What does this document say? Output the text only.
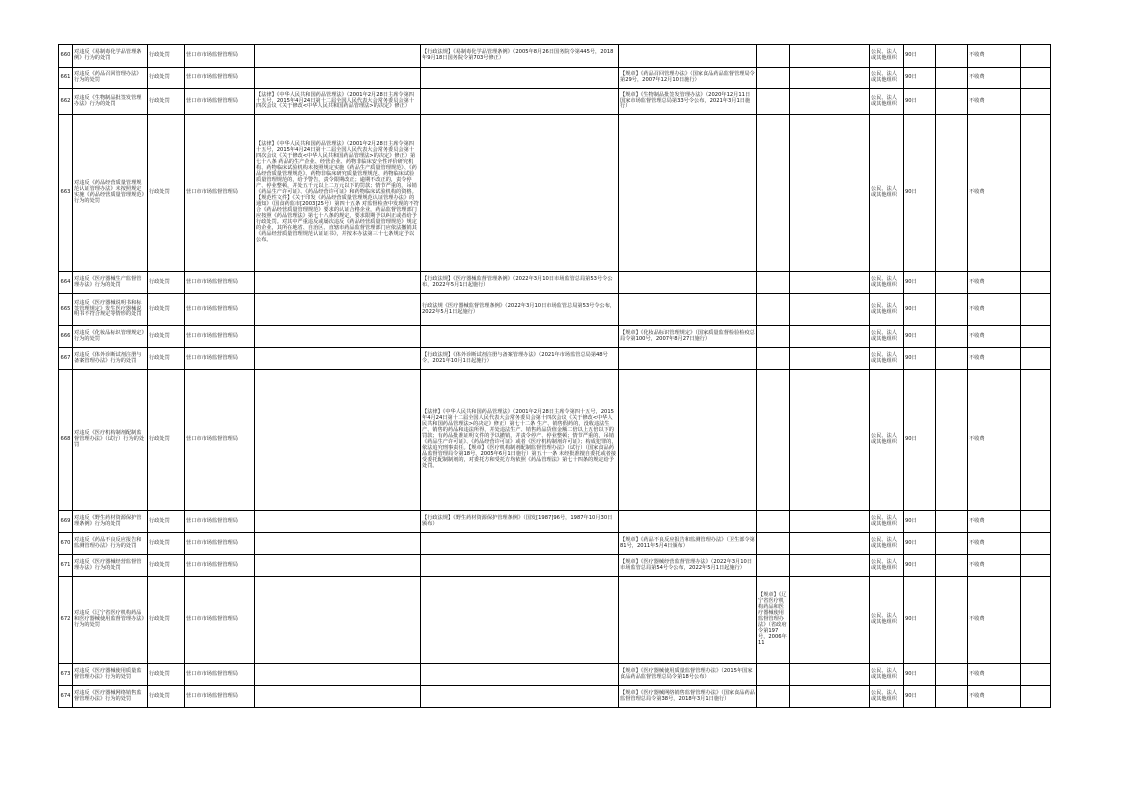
660	对违反《易制毒化学品管理条例》行为的处罚	行政处罚	营口市市场监督管理局		【行政法规】《易制毒化学品管理条例》（2005年8月26日国务院令第445号，2018年9月18日国务院令第703号修正）				公民、法人或其他组织	90日		不收费	
661	对违反《药品召回管理办法》行为的处罚	行政处罚	营口市市场监督管理局			【规章】《药品召回管理办法》（国家食品药品监督管理局令第29号，2007年12月10日施行）			公民、法人或其他组织	90日		不收费	
662	对违反《生物制品批签发管理办法》行为的处罚	行政处罚	营口市市场监督管理局	【法律】《中华人民共和国药品管理法》（2001年2月28日主席令第四十五号，2015年4月24日第十二届全国人民代表大会常务委员会第十四次会议《关于修改<中华人民共和国药品管理法>的决定》修正）		【规章】《生物制品批签发管理办法》（2020年12月11日国家市场监督管理总局第33号令公布，2021年3月1日施行）			公民、法人或其他组织	90日		不收费	
663	对违反《药品经营质量管理规范认证管理办法》未按照规定实施《药品经营质量管理规范》行为的处罚	行政处罚	营口市市场监督管理局	【法律】《中华人民共和国药品管理法》（2001年2月28日主席令第四十五号，2015年4月24日第十二届全国人民代表大会常务委员会第十四次会议《关于修改<中华人民共和国药品管理法>的决定》修正）第七十八条 药品的生产企业、经营企业、药物非临床安全性评价研究机构、药物临床试验机构未按照规定实施《药品生产质量管理规范》、《药品经营质量管理规范》、药物非临床研究质量管理规范、药物临床试验质量管理规范的，给予警告，责令限期改正；逾期不改正的，责令停产、停业整顿，并处五千元以上二万元以下的罚款；情节严重的，吊销《药品生产许可证》、《药品经营许可证》和药物临床试验机构的资格。【规范性文件】《关于印发《药品经营质量管理规范认证管理办法》的通知》（国食药监市[2003]25号）第四十五条 对监督检查中发现的不符合《药品经营质量管理规范》要求的认证合格企业，药品监督管理部门应按照《药品管理法》第七十八条的规定，要求限期予以纠正或者给予行政处罚。对其中严重违反或屡次违反《药品经营质量管理规范》规定的企业，其所在地省、自治区、直辖市药品监督管理部门应依法撤销其《药品经营质量管理规范认证证书》，并按本办法第三十七条规定予以公布。					公民、法人或其他组织	90日		不收费	
664	对违反《医疗器械生产监督管理办法》行为的处罚	行政处罚	营口市市场监督管理局		【行政法规】《医疗器械监督管理条例》（2022年3月10日市场监管总局第53号令公布，2022年5月1日起施行）				公民、法人或其他组织	90日		不收费	
665	对违反《医疗器械说明书和标签管理规定》发生医疗器械说明书不符合规定等情形的处罚	行政处罚	营口市市场监督管理局		行政法规《医疗器械监督管理条例》（2022年3月10日市场监管总局第53号令公布，2022年5月1日起施行）				公民、法人或其他组织	90日		不收费	
666	对违反《化妆品标识管理规定》行为的处罚	行政处罚	营口市市场监督管理局			【规章】《化妆品标识管理规定》（国家质量监督检验检疫总局令第100号，2007年8月27日施行）			公民、法人或其他组织	90日		不收费	
667	对违反《体外诊断试剂注册与备案管理办法》行为的处罚	行政处罚	营口市市场监督管理局		【行政法规】《体外诊断试剂注册与备案管理办法》（2021年市场监管总局第48号令，2021年10月1日起施行）				公民、法人或其他组织	90日		不收费	
668	对违反《医疗机构制剂配制监督管理办法》（试行）行为的处罚	行政处罚	营口市市场监督管理局		【法律】《中华人民共和国药品管理法》（2001年2月28日主席令第四十五号，2015年4月24日第十二届全国人民代表大会常务委员会第十四次会议《关于修改<中华人民共和国药品管理法>的决定》修正）第七十二条 生产、销售假药的，没收违法生产、销售的药品和违法所得，并处违法生产、销售药品货值金额二倍以上五倍以下的罚款；有药品批准证明文件的予以撤销，并责令停产、停业整顿；情节严重的，吊销《药品生产许可证》、《药品经营许可证》或者《医疗机构制剂许可证》；构成犯罪的，依法追究刑事责任。【规章】《医疗机构制剂配制监督管理办法》（试行）（国家食品药品监督管理局令第18号，2005年6月1日施行）第五十一条 未经批准擅自委托或者接受委托配制制剂的，对委托方和受托方均依照《药品管理法》第七十四条的规定给予处罚。				公民、法人或其他组织	90日		不收费	
669	对违反《野生药材资源保护管理条例》行为的处罚	行政处罚	营口市市场监督管理局		【行政法规】《野生药材资源保护管理条例》（国发[1987]96号，1987年10月30日颁布）				公民、法人或其他组织	90日		不收费	
670	对违反《药品不良反应报告和监测管理办法》行为的处罚	行政处罚	营口市市场监督管理局			【规章】《药品不良反应报告和监测管理办法》（卫生部令第81号，2011年5月4日颁布）			公民、法人或其他组织	90日		不收费	
671	对违反《医疗器械经营监督管理办法》行为的处罚	行政处罚	营口市市场监督管理局			【规章】《医疗器械经营监督管理办法》（2022年3月10日市场监管总局第54号令公布，2022年5月1日起施行）			公民、法人或其他组织	90日		不收费	
672	对违反《辽宁省医疗机构药品和医疗器械使用监督管理办法》行为的处罚	行政处罚	营口市市场监督管理局				【规章】《辽宁省医疗机构药品和医疗器械使用监督管理办法》（省政府令第197号，2006年11		公民、法人或其他组织	90日		不收费	
673	对违反《医疗器械使用质量监督管理办法》行为的处罚	行政处罚	营口市市场监督管理局			【规章】《医疗器械使用质量监督管理办法》（2015年国家食品药品监督管理总局令第18号公布）			公民、法人或其他组织	90日		不收费	
674	对违反《医疗器械网络销售监督管理办法》行为的处罚	行政处罚	营口市市场监督管理局			【规章】《医疗器械网络销售监督管理办法》（国家食品药品监督管理总局令第38号，2018年3月1日施行）			公民、法人或其他组织	90日		不收费	
